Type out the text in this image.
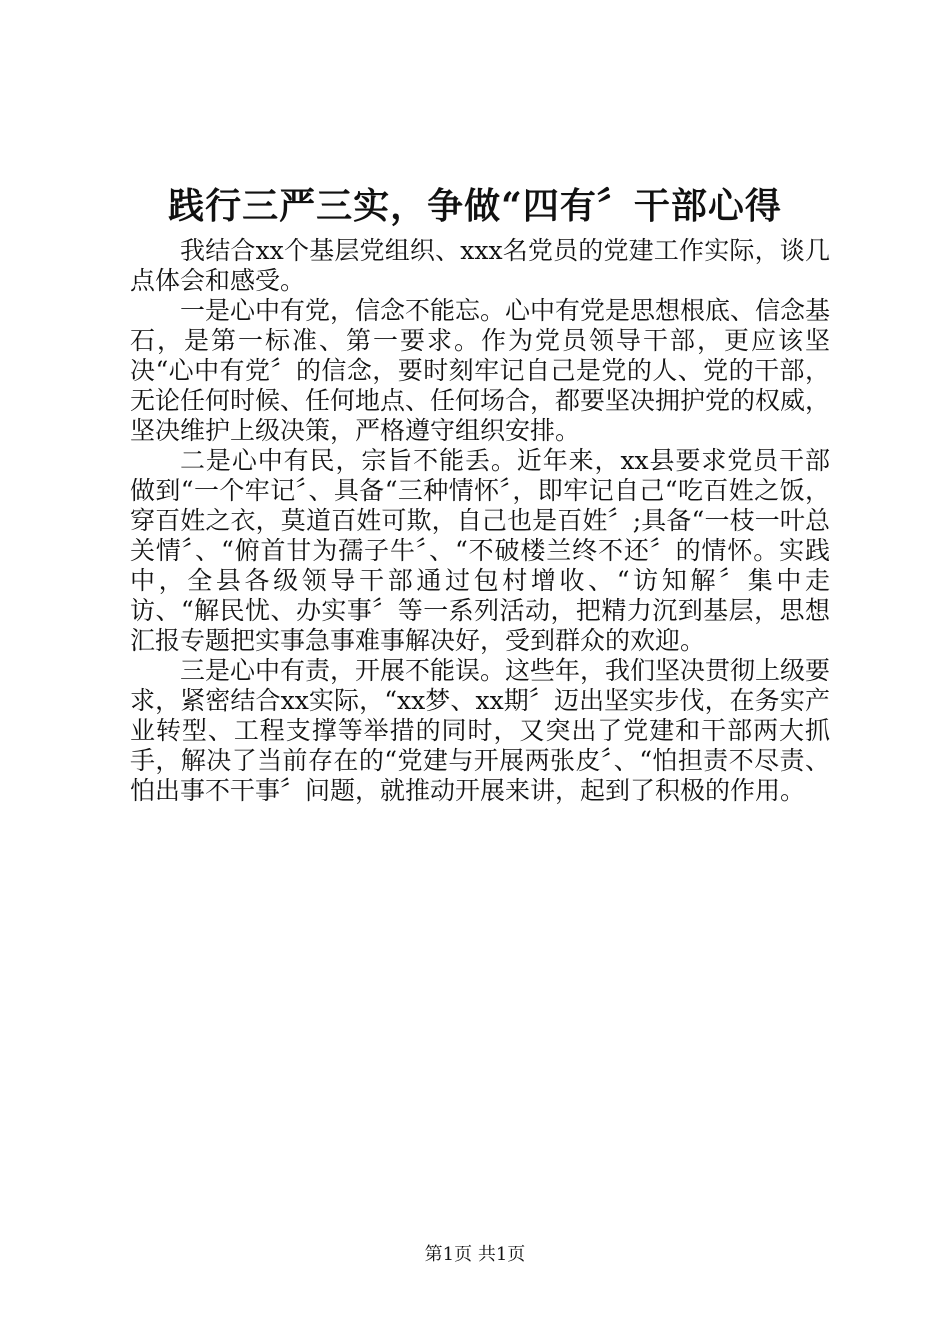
践行三严三实，争做“四有〞干部心得

我结合xx个基层党组织、xxx名党员的党建工作实际，谈几点体会和感受。

一是心中有党，信念不能忘。心中有党是思想根底、信念基石，是第一标准、第一要求。作为党员领导干部，更应该坚决“心中有党〞的信念，要时刻牢记自己是党的人、党的干部，无论任何时候、任何地点、任何场合，都要坚决拥护党的权威，坚决维护上级决策，严格遵守组织安排。

二是心中有民，宗旨不能丢。近年来，xx县要求党员干部做到“一个牢记〞、具备“三种情怀〞，即牢记自己“吃百姓之饭，穿百姓之衣，莫道百姓可欺，自己也是百姓〞;具备“一枝一叶总关情〞、“俯首甘为孺子牛〞、“不破楼兰终不还〞的情怀。实践中，全县各级领导干部通过包村增收、“访知解〞集中走访、“解民忧、办实事〞等一系列活动，把精力沉到基层，思想汇报专题把实事急事难事解决好，受到群众的欢迎。

三是心中有责，开展不能误。这些年，我们坚决贯彻上级要求，紧密结合xx实际，“xx梦、xx期〞迈出坚实步伐，在务实产业转型、工程支撑等举措的同时，又突出了党建和干部两大抓手，解决了当前存在的“党建与开展两张皮〞、“怕担责不尽责、怕出事不干事〞问题，就推动开展来讲，起到了积极的作用。

第1页 共1页
